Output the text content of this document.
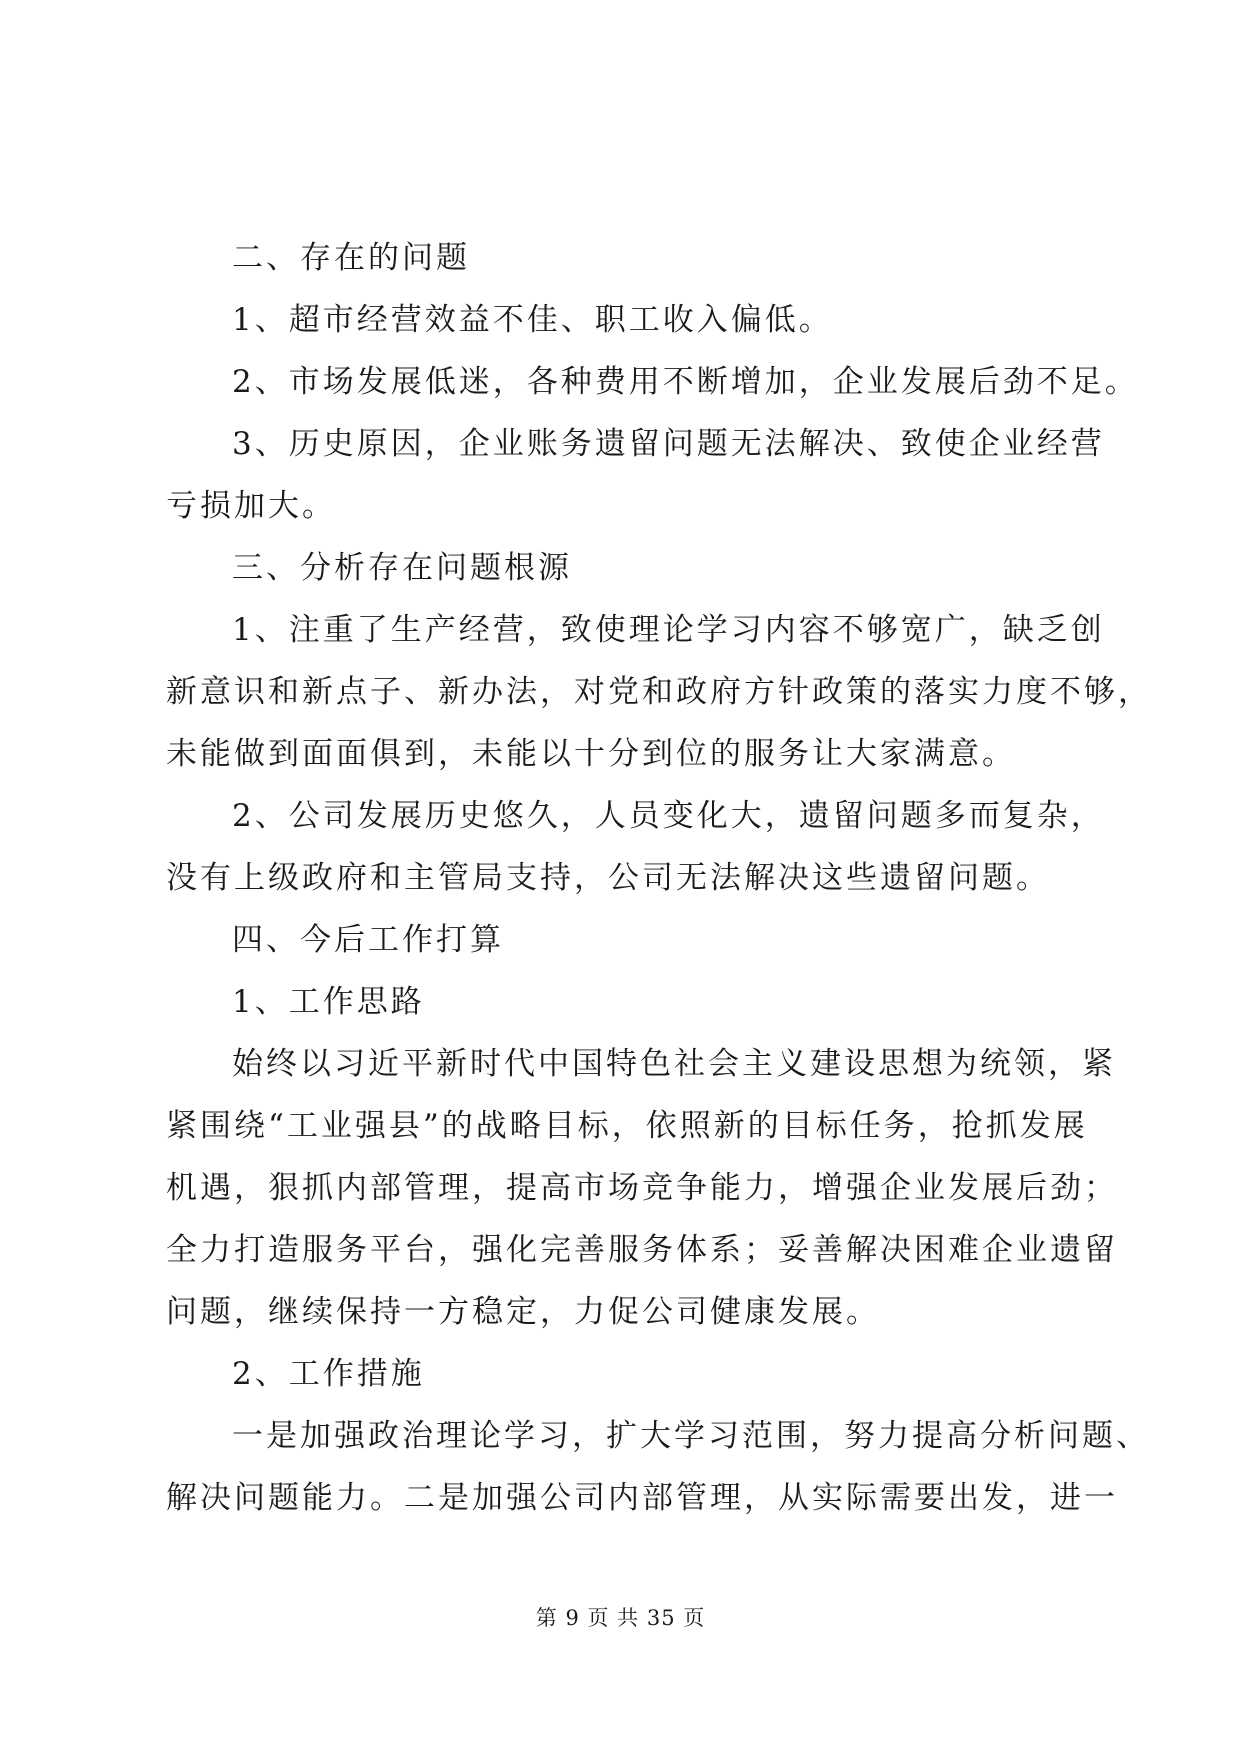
二、存在的问题
1、超市经营效益不佳、职工收入偏低。
2、市场发展低迷，各种费用不断增加，企业发展后劲不足。
3、历史原因，企业账务遗留问题无法解决、致使企业经营
亏损加大。
三、分析存在问题根源
1、注重了生产经营，致使理论学习内容不够宽广，缺乏创
新意识和新点子、新办法，对党和政府方针政策的落实力度不够，
未能做到面面俱到，未能以十分到位的服务让大家满意。
2、公司发展历史悠久，人员变化大，遗留问题多而复杂，
没有上级政府和主管局支持，公司无法解决这些遗留问题。
四、今后工作打算
1、工作思路
始终以习近平新时代中国特色社会主义建设思想为统领，紧
紧围绕“工业强县”的战略目标，依照新的目标任务，抢抓发展
机遇，狠抓内部管理，提高市场竞争能力，增强企业发展后劲；
全力打造服务平台，强化完善服务体系；妥善解决困难企业遗留
问题，继续保持一方稳定，力促公司健康发展。
2、工作措施
一是加强政治理论学习，扩大学习范围，努力提高分析问题、
解决问题能力。二是加强公司内部管理，从实际需要出发，进一
第 9 页 共 35 页
